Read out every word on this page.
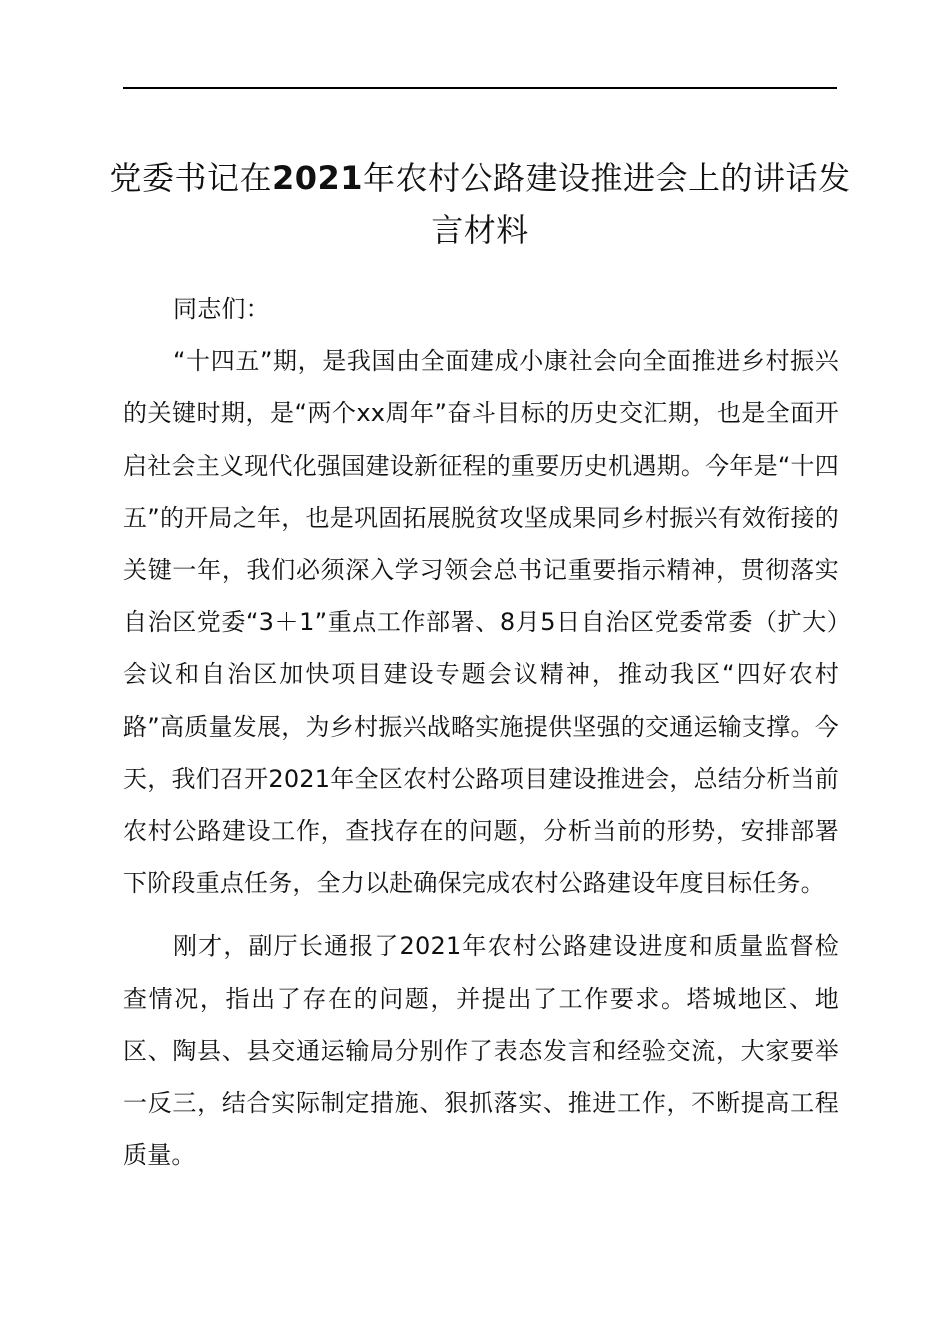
党委书记在2021年农村公路建设推进会上的讲话发言材料

同志们：

“十四五”期，是我国由全面建成小康社会向全面推进乡村振兴的关键时期，是“两个xx周年”奋斗目标的历史交汇期，也是全面开启社会主义现代化强国建设新征程的重要历史机遇期。今年是“十四五”的开局之年，也是巩固拓展脱贫攻坚成果同乡村振兴有效衔接的关键一年，我们必须深入学习领会总书记重要指示精神，贯彻落实自治区党委“3＋1”重点工作部署、8月5日自治区党委常委（扩大）会议和自治区加快项目建设专题会议精神，推动我区“四好农村路”高质量发展，为乡村振兴战略实施提供坚强的交通运输支撑。今天，我们召开2021年全区农村公路项目建设推进会，总结分析当前农村公路建设工作，查找存在的问题，分析当前的形势，安排部署下阶段重点任务，全力以赴确保完成农村公路建设年度目标任务。

刚才，副厅长通报了2021年农村公路建设进度和质量监督检查情况，指出了存在的问题，并提出了工作要求。塔城地区、地区、陶县、县交通运输局分别作了表态发言和经验交流，大家要举一反三，结合实际制定措施、狠抓落实、推进工作，不断提高工程质量。
